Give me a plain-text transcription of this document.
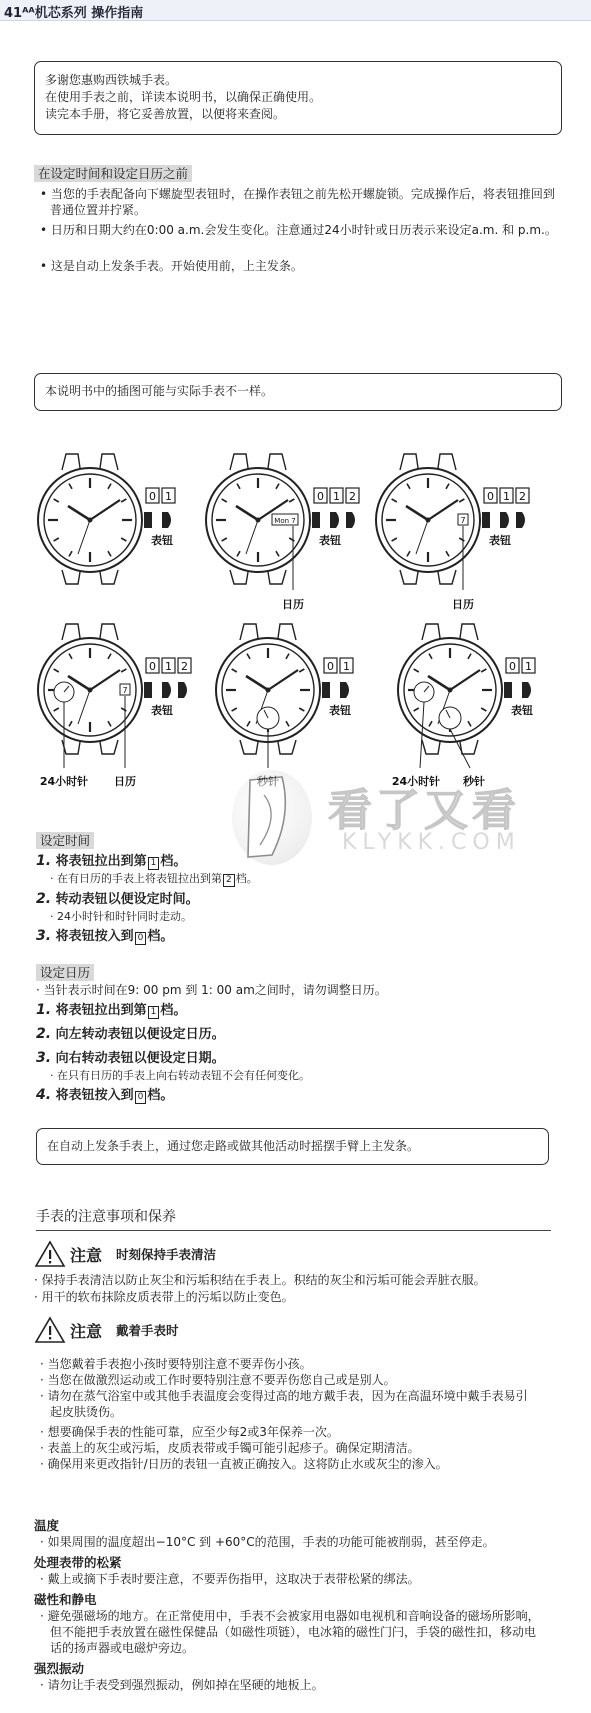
41ᴬᴬ机芯系列 操作指南
多谢您惠购西铁城手表。
在使用手表之前，详读本说明书，以确保正确使用。
读完本手册，将它妥善放置，以便将来查阅。
在设定时间和设定日历之前
• 当您的手表配备向下螺旋型表钮时，在操作表钮之前先松开螺旋锁。完成操作后，将表钮推回到普通位置并拧紧。
• 日历和日期大约在0:00 a.m.会发生变化。注意通过24小时针或日历表示来设定a.m. 和 p.m.。
• 这是自动上发条手表。开始使用前，上主发条。
本说明书中的插图可能与实际手表不一样。
0 1
表钮
Mon 7
0 1 2
表钮
日历
7
0 1 2
表钮
日历
7
0 1 2
表钮
24小时针 日历
0 1
表钮
0 1
表钮
24小时针 秒针
看了又看
KLYKK.COM
设定时间
1. 将表钮拉出到第 1 档。
· 在有日历的手表上将表钮拉出到第 2 档。
2. 转动表钮以便设定时间。
· 24小时针和时针同时走动。
3. 将表钮按入到 0 档。
设定日历
· 当针表示时间在9: 00 pm 到 1: 00 am之间时，请勿调整日历。
1. 将表钮拉出到第 1 档。
2. 向左转动表钮以便设定日历。
3. 向右转动表钮以便设定日期。
· 在只有日历的手表上向右转动表钮不会有任何变化。
4. 将表钮按入到 0 档。
在自动上发条手表上，通过您走路或做其他活动时摇摆手臂上主发条。
手表的注意事项和保养
注意 时刻保持手表清洁
· 保持手表清洁以防止灰尘和污垢积结在手表上。积结的灰尘和污垢可能会弄脏衣服。
· 用干的软布抹除皮质表带上的污垢以防止变色。
注意 戴着手表时
· 当您戴着手表抱小孩时要特别注意不要弄伤小孩。
· 当您在做激烈运动或工作时要特别注意不要弄伤您自己或是别人。
· 请勿在蒸气浴室中或其他手表温度会变得过高的地方戴手表，因为在高温环境中戴手表易引起皮肤烫伤。
· 想要确保手表的性能可靠，应至少每2或3年保养一次。
· 表盖上的灰尘或污垢，皮质表带或手镯可能引起疹子。确保定期清洁。
· 确保用来更改指针/日历的表钮一直被正确按入。这将防止水或灰尘的渗入。
温度
· 如果周围的温度超出−10°C 到 +60°C的范围，手表的功能可能被削弱，甚至停走。
处理表带的松紧
· 戴上或摘下手表时要注意，不要弄伤指甲，这取决于表带松紧的绑法。
磁性和静电
· 避免强磁场的地方。在正常使用中，手表不会被家用电器如电视机和音响设备的磁场所影响，但不能把手表放置在磁性保健品（如磁性项链），电冰箱的磁性门闩，手袋的磁性扣，移动电话的扬声器或电磁炉旁边。
强烈振动
· 请勿让手表受到强烈振动，例如掉在坚硬的地板上。
